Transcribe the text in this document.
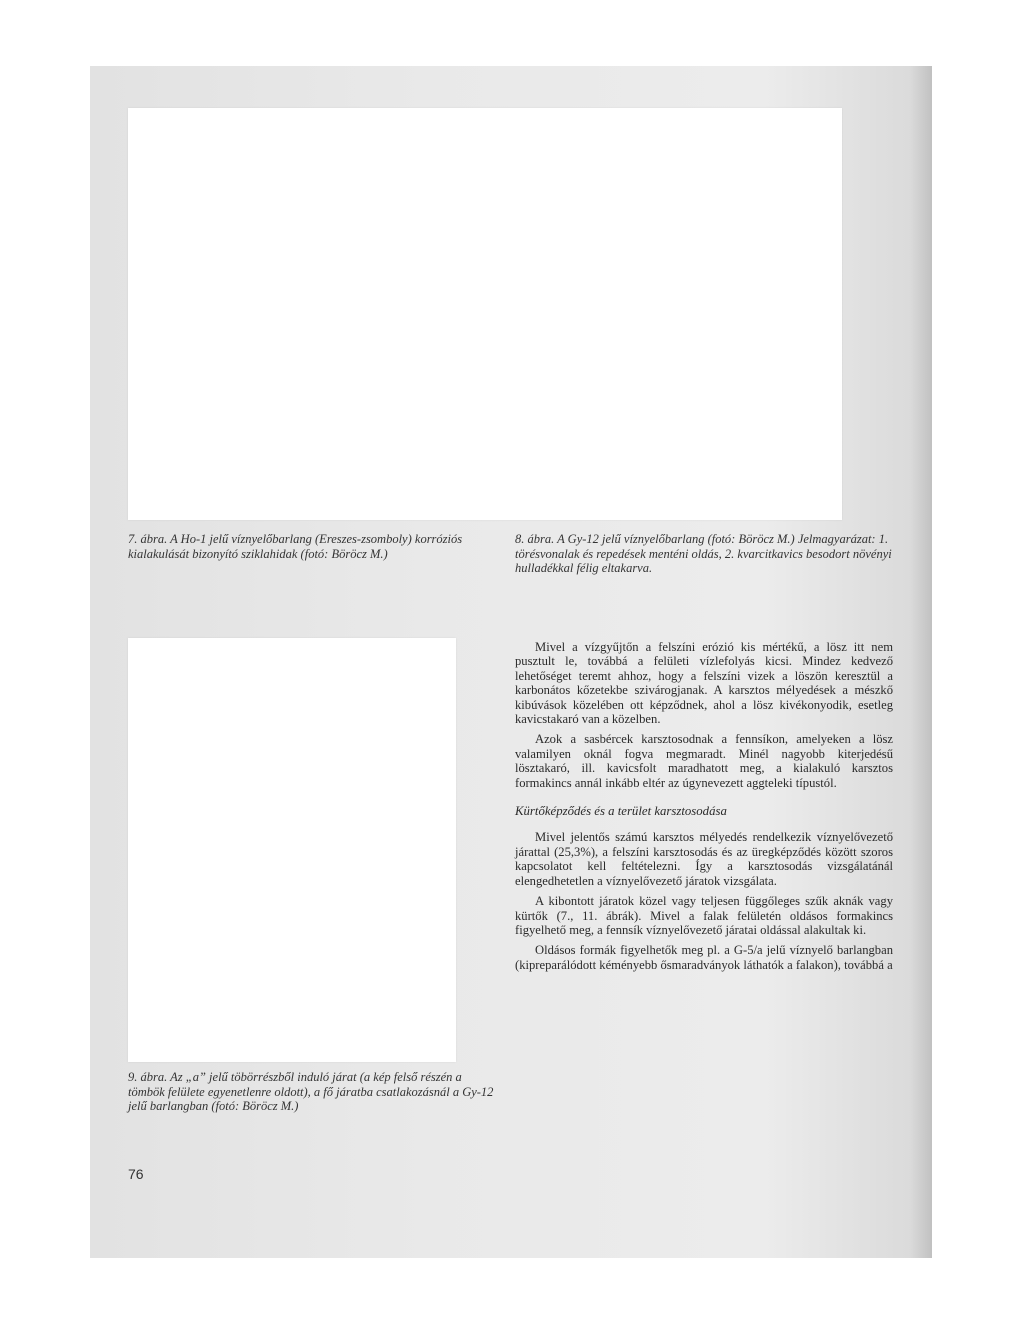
7. ábra. A Ho-1 jelű víznyelőbarlang (Ereszes-zsomboly) korróziós kialakulását bizonyító sziklahidak (fotó: Böröcz M.)

8. ábra. A Gy-12 jelű víznyelőbarlang (fotó: Böröcz M.) Jelmagyarázat: 1. törésvonalak és repedések menténi oldás, 2. kvarcitkavics besodort növényi hulladékkal félig eltakarva.

9. ábra. Az „a” jelű töbörrészből induló járat (a kép felső részén a tömbök felülete egyenetlenre oldott), a fő járatba csatlakozásnál a Gy-12 jelű barlangban (fotó: Böröcz M.)

Mivel a vízgyűjtőn a felszíni erózió kis mértékű, a lösz itt nem pusztult le, továbbá a felületi vízlefolyás kicsi. Mindez kedvező lehetőséget teremt ahhoz, hogy a felszíni vizek a löszön keresztül a karbonátos kőzetekbe szivárogjanak. A karsztos mélyedések a mészkő kibúvások közelében ott képződnek, ahol a lösz kivékonyodik, esetleg kavicstakaró van a közelben.

Azok a sasbércek karsztosodnak a fennsíkon, amelyeken a lösz valamilyen oknál fogva megmaradt. Minél nagyobb kiterjedésű lösztakaró, ill. kavicsfolt maradhatott meg, a kialakuló karsztos formakincs annál inkább eltér az úgynevezett aggteleki típustól.

Kürtőképződés és a terület karsztosodása

Mivel jelentős számú karsztos mélyedés rendelkezik víznyelővezető járattal (25,3%), a felszíni karsztosodás és az üregképződés között szoros kapcsolatot kell feltételezni. Így a karsztosodás vizsgálatánál elengedhetetlen a víznyelővezető járatok vizsgálata.

A kibontott járatok közel vagy teljesen függőleges szűk aknák vagy kürtők (7., 11. ábrák). Mivel a falak felületén oldásos formakincs figyelhető meg, a fennsík víznyelővezető járatai oldással alakultak ki.

Oldásos formák figyelhetők meg pl. a G-5/a jelű víznyelő barlangban (kipreparálódott kéményebb ősmaradványok láthatók a falakon), továbbá a

76
